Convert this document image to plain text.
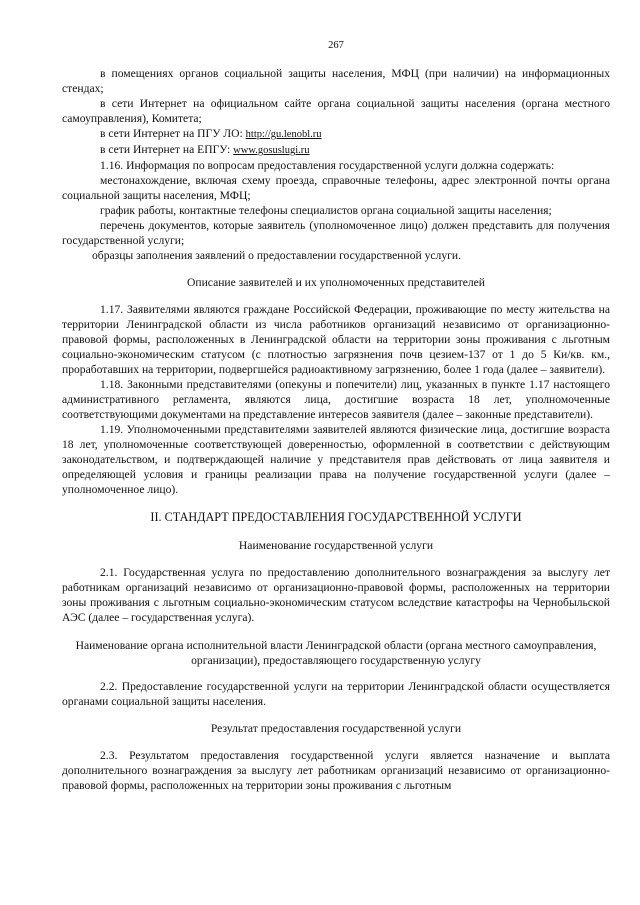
267

в помещениях органов социальной защиты населения, МФЦ (при наличии) на информационных стендах;

в сети Интернет на официальном сайте органа социальной защиты населения (органа местного самоуправления), Комитета;

в сети Интернет на ПГУ ЛО: http://gu.lenobl.ru

в сети Интернет на ЕПГУ: www.gosuslugi.ru

1.16. Информация по вопросам предоставления государственной услуги должна содержать:

местонахождение, включая схему проезда, справочные телефоны, адрес электронной почты органа социальной защиты населения, МФЦ;

график работы, контактные телефоны специалистов органа социальной защиты населения;

перечень документов, которые заявитель (уполномоченное лицо) должен представить для получения государственной услуги;

образцы заполнения заявлений о предоставлении государственной услуги.

Описание заявителей и их уполномоченных представителей

1.17. Заявителями являются граждане Российской Федерации, проживающие по месту жительства на территории Ленинградской области из числа работников организаций независимо от организационно-правовой формы, расположенных в Ленинградской области на территории зоны проживания с льготным социально-экономическим статусом (с плотностью загрязнения почв цезием-137 от 1 до 5 Ки/кв. км., проработавших на территории, подвергшейся радиоактивному загрязнению, более 1 года (далее – заявители).

1.18. Законными представителями (опекуны и попечители) лиц, указанных в пункте 1.17 настоящего административного регламента, являются лица, достигшие возраста 18 лет, уполномоченные соответствующими документами на представление интересов заявителя (далее – законные представители).

1.19. Уполномоченными представителями заявителей являются физические лица, достигшие возраста 18 лет, уполномоченные соответствующей доверенностью, оформленной в соответствии с действующим законодательством, и подтверждающей наличие у представителя прав действовать от лица заявителя и определяющей условия и границы реализации права на получение государственной услуги (далее – уполномоченное лицо).

II. СТАНДАРТ ПРЕДОСТАВЛЕНИЯ ГОСУДАРСТВЕННОЙ УСЛУГИ

Наименование государственной услуги

2.1. Государственная услуга по предоставлению дополнительного вознаграждения за выслугу лет работникам организаций независимо от организационно-правовой формы, расположенных на территории зоны проживания с льготным социально-экономическим статусом вследствие катастрофы на Чернобыльской АЭС (далее – государственная услуга).

Наименование органа исполнительной власти Ленинградской области (органа местного самоуправления, организации), предоставляющего государственную услугу

2.2. Предоставление государственной услуги на территории Ленинградской области осуществляется органами социальной защиты населения.

Результат предоставления государственной услуги

2.3. Результатом предоставления государственной услуги является назначение и выплата дополнительного вознаграждения за выслугу лет работникам организаций независимо от организационно-правовой формы, расположенных на территории зоны проживания с льготным
